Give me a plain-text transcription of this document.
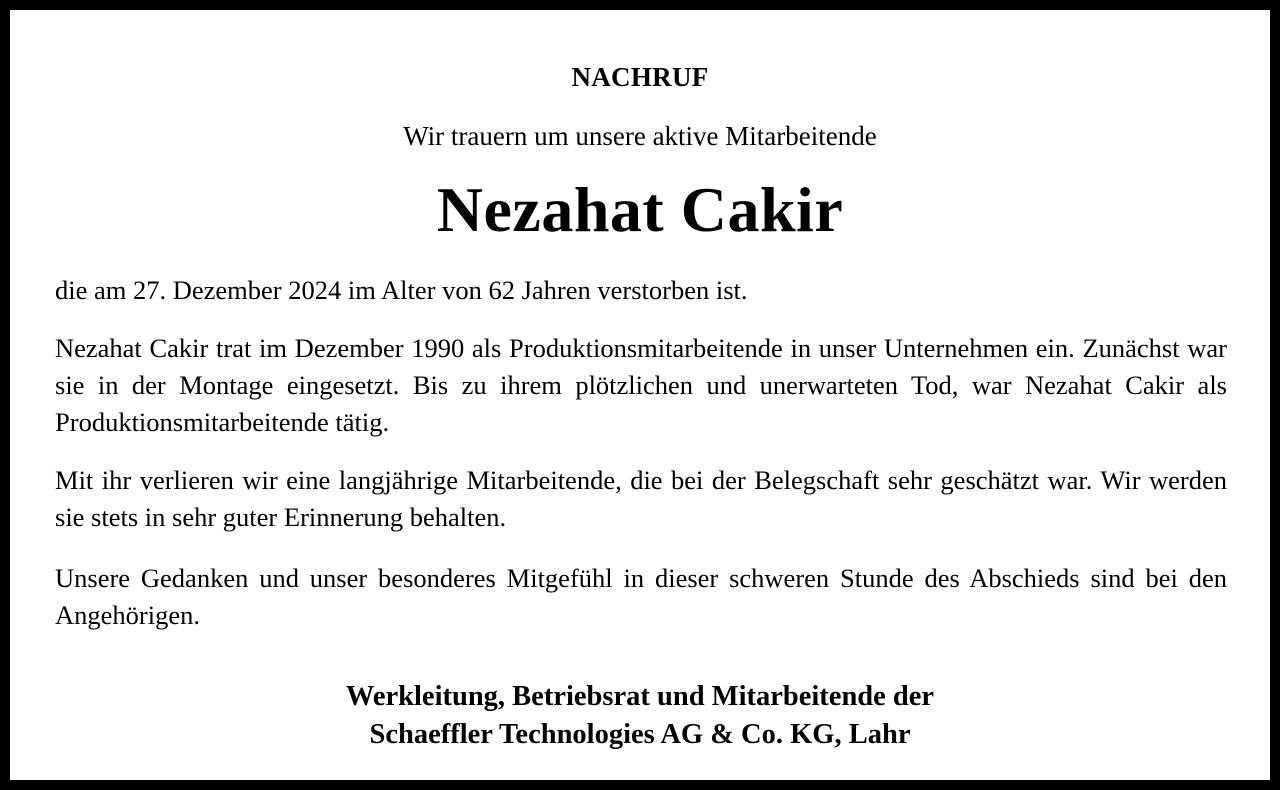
NACHRUF
Wir trauern um unsere aktive Mitarbeitende
Nezahat Cakir
die am 27. Dezember 2024 im Alter von 62 Jahren verstorben ist.
Nezahat Cakir trat im Dezember 1990 als Produktionsmitarbeitende in unser Unternehmen ein. Zunächst war sie in der Montage eingesetzt. Bis zu ihrem plötzlichen und unerwarteten Tod, war Nezahat Cakir als Produktionsmitarbeitende tätig.
Mit ihr verlieren wir eine langjährige Mitarbeitende, die bei der Belegschaft sehr geschätzt war. Wir werden sie stets in sehr guter Erinnerung behalten.
Unsere Gedanken und unser besonderes Mitgefühl in dieser schweren Stunde des Abschieds sind bei den Angehörigen.
Werkleitung, Betriebsrat und Mitarbeitende der
Schaeffler Technologies AG & Co. KG, Lahr
